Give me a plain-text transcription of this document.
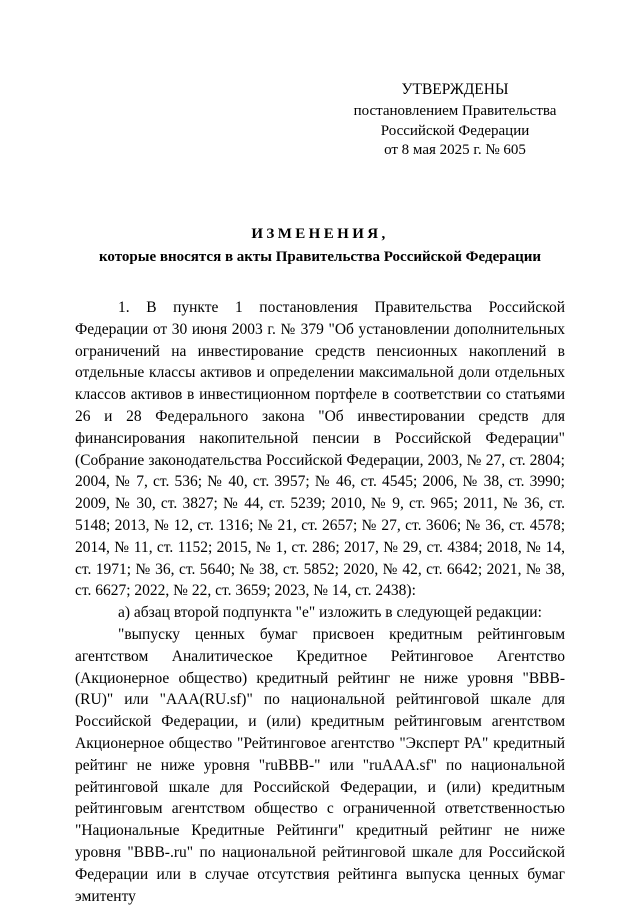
УТВЕРЖДЕНЫ
постановлением Правительства
Российской Федерации
от 8 мая 2025 г. № 605
ИЗМЕНЕНИЯ,
которые вносятся в акты Правительства Российской Федерации

1. В пункте 1 постановления Правительства Российской Федерации от 30 июня 2003 г. № 379 "Об установлении дополнительных ограничений на инвестирование средств пенсионных накоплений в отдельные классы активов и определении максимальной доли отдельных классов активов в инвестиционном портфеле в соответствии со статьями 26 и 28 Федерального закона "Об инвестировании средств для финансирования накопительной пенсии в Российской Федерации" (Собрание законодательства Российской Федерации, 2003, № 27, ст. 2804; 2004, № 7, ст. 536; № 40, ст. 3957; № 46, ст. 4545; 2006, № 38, ст. 3990; 2009, № 30, ст. 3827; № 44, ст. 5239; 2010, № 9, ст. 965; 2011, № 36, ст. 5148; 2013, № 12, ст. 1316; № 21, ст. 2657; № 27, ст. 3606; № 36, ст. 4578; 2014, № 11, ст. 1152; 2015, № 1, ст. 286; 2017, № 29, ст. 4384; 2018, № 14, ст. 1971; № 36, ст. 5640; № 38, ст. 5852; 2020, № 42, ст. 6642; 2021, № 38, ст. 6627; 2022, № 22, ст. 3659; 2023, № 14, ст. 2438):

а) абзац второй подпункта "е" изложить в следующей редакции:

"выпуску ценных бумаг присвоен кредитным рейтинговым агентством Аналитическое Кредитное Рейтинговое Агентство (Акционерное общество) кредитный рейтинг не ниже уровня "ВВВ-(RU)" или "AAA(RU.sf)" по национальной рейтинговой шкале для Российской Федерации, и (или) кредитным рейтинговым агентством Акционерное общество "Рейтинговое агентство "Эксперт РА" кредитный рейтинг не ниже уровня "ruBBB-" или "ruAAA.sf" по национальной рейтинговой шкале для Российской Федерации, и (или) кредитным рейтинговым агентством общество с ограниченной ответственностью "Национальные Кредитные Рейтинги" кредитный рейтинг не ниже уровня "BBB-.ru" по национальной рейтинговой шкале для Российской Федерации или в случае отсутствия рейтинга выпуска ценных бумаг эмитенту
